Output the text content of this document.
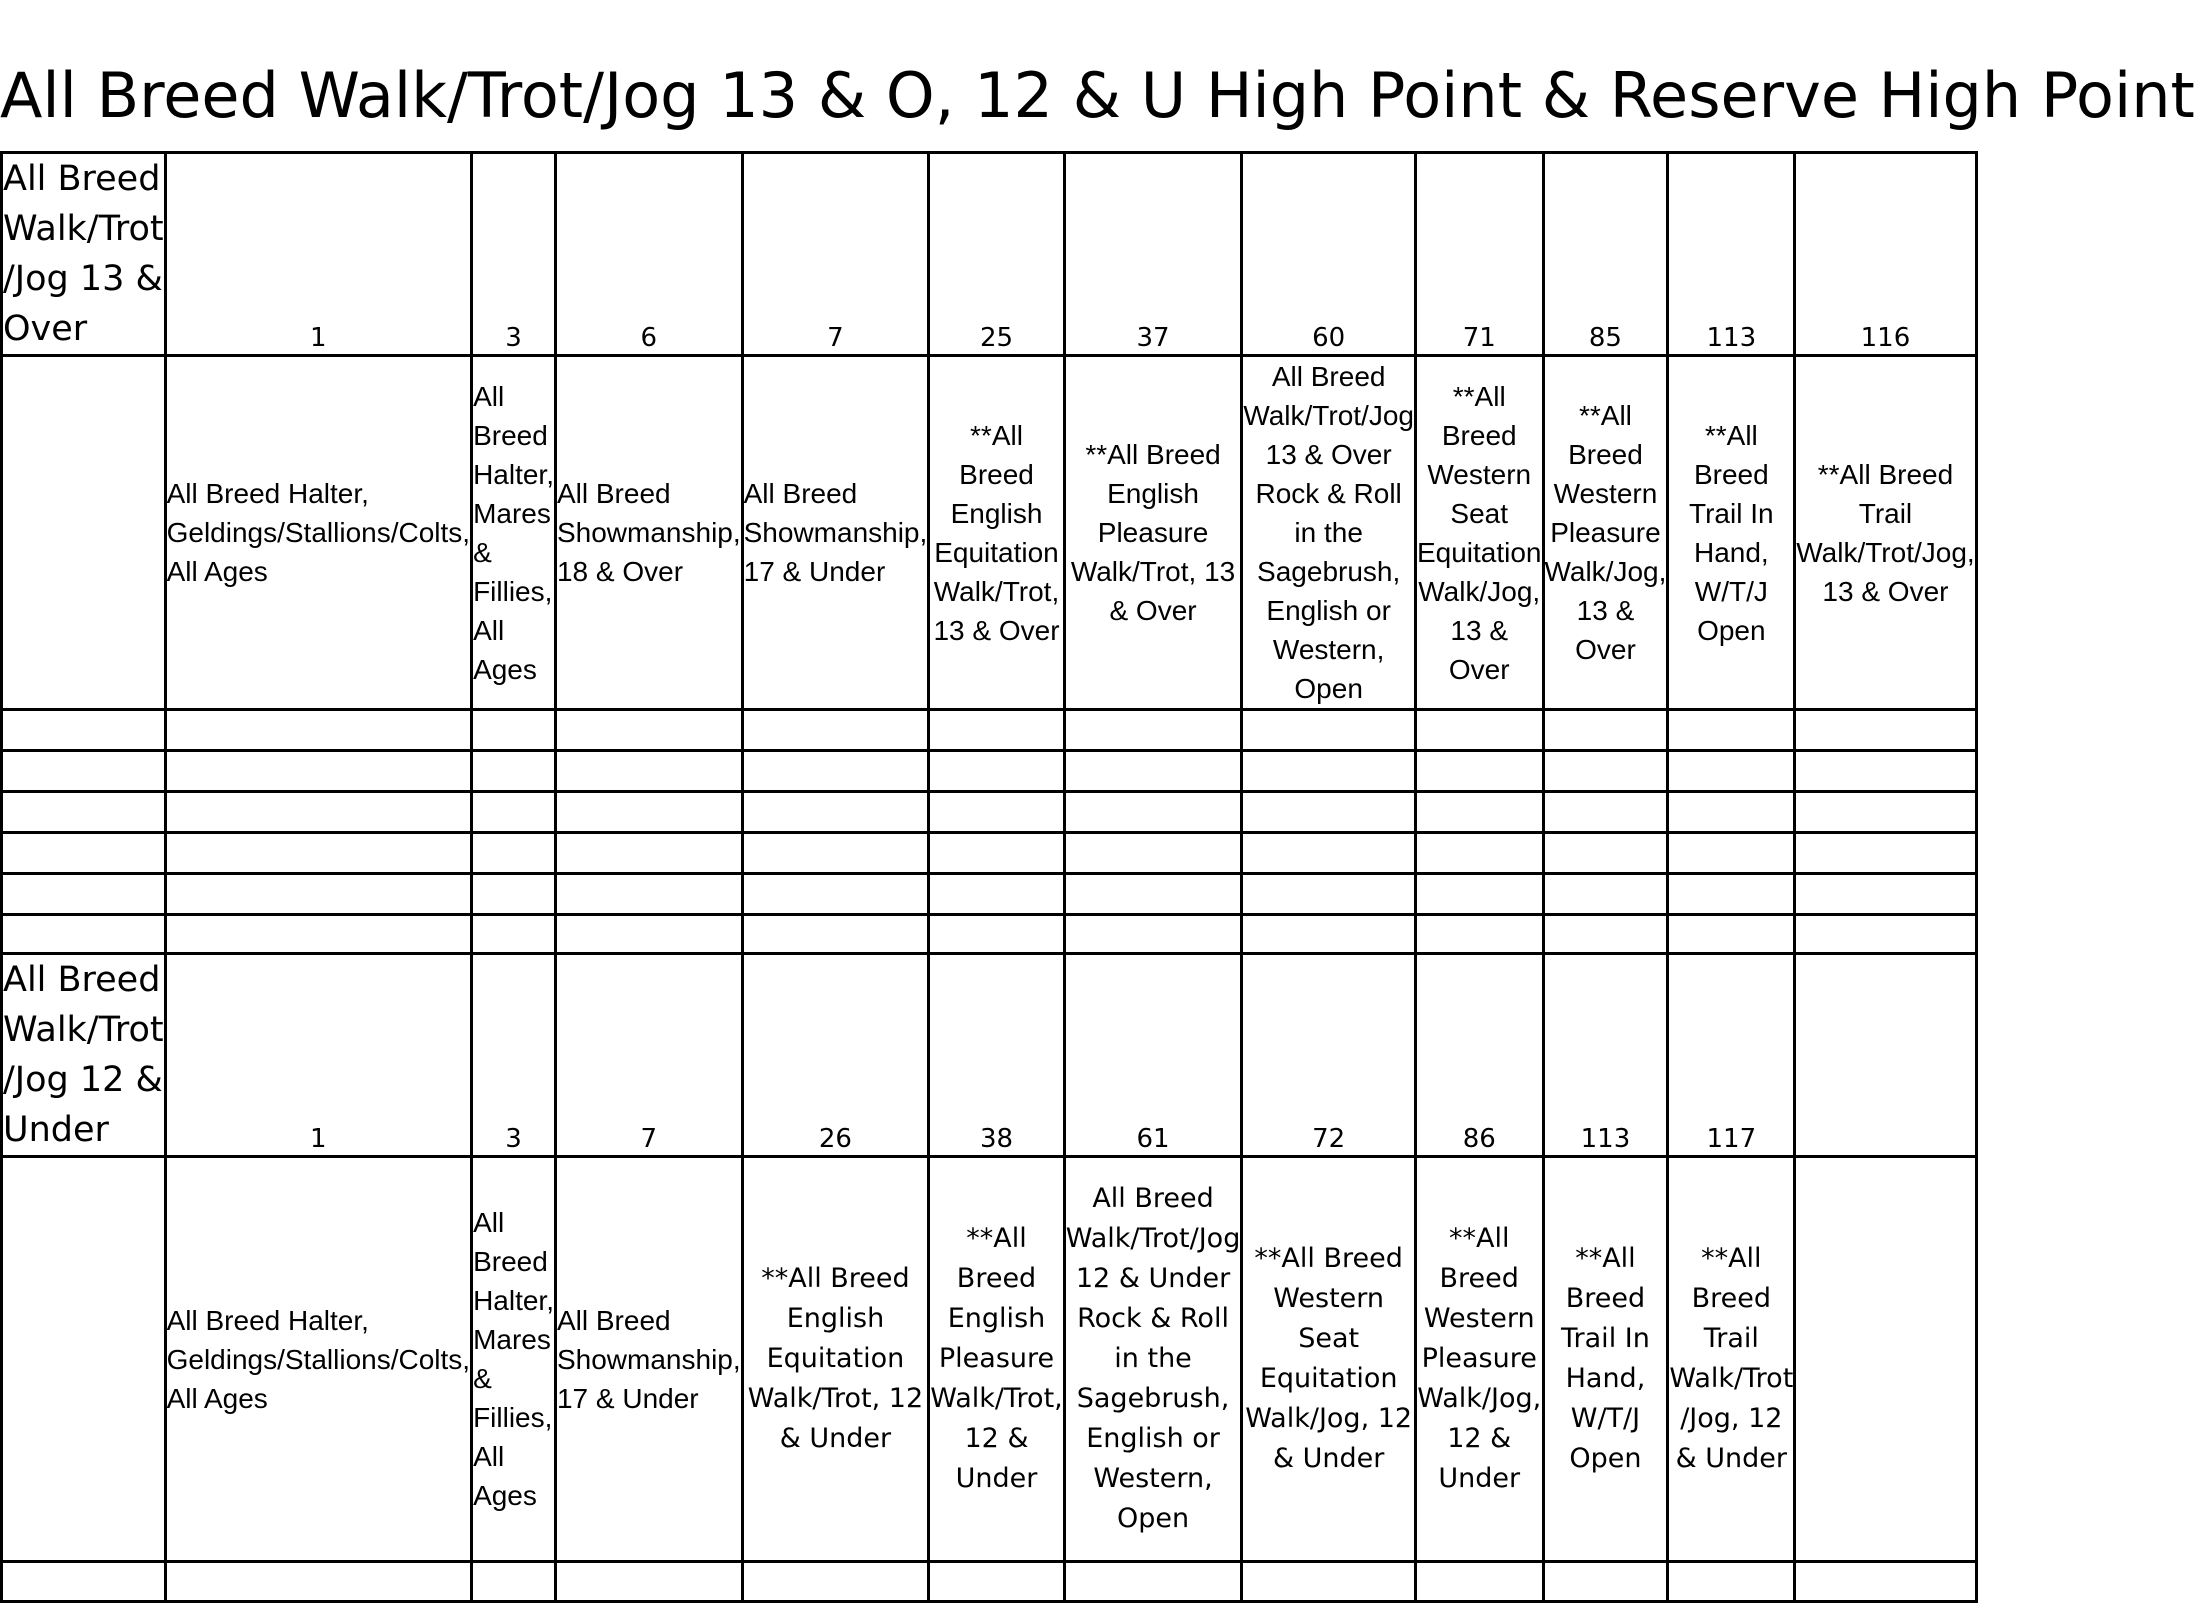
All Breed Walk/Trot/Jog 13 & O, 12 & U High Point & Reserve High Point
All Breed Walk/Trot /Jog 13 & Over	1	3	6	7	25	37	60	71	85	113	116
	All Breed Halter, Geldings/Stallions/Colts, All Ages	All Breed Halter, Mares & Fillies, All Ages	All Breed Showmanship, 18 & Over	All Breed Showmanship, 17 & Under	**All Breed English Equitation Walk/Trot, 13 & Over	**All Breed English Pleasure Walk/Trot, 13 & Over	All Breed Walk/Trot/Jog 13 & Over Rock & Roll in the Sagebrush, English or Western, Open	**All Breed Western Seat Equitation Walk/Jog, 13 & Over	**All Breed Western Pleasure Walk/Jog, 13 & Over	**All Breed Trail In Hand, W/T/J Open	**All Breed Trail Walk/Trot/Jog, 13 & Over

All Breed Walk/Trot /Jog 12 & Under	1	3	7	26	38	61	72	86	113	117	
	All Breed Halter, Geldings/Stallions/Colts, All Ages	All Breed Halter, Mares & Fillies, All Ages	All Breed Showmanship, 17 & Under	**All Breed English Equitation Walk/Trot, 12 & Under	**All Breed English Pleasure Walk/Trot, 12 & Under	All Breed Walk/Trot/Jog 12 & Under Rock & Roll in the Sagebrush, English or Western, Open	**All Breed Western Seat Equitation Walk/Jog, 12 & Under	**All Breed Western Pleasure Walk/Jog, 12 & Under	**All Breed Trail In Hand, W/T/J Open	**All Breed Trail Walk/Trot /Jog, 12 & Under	
